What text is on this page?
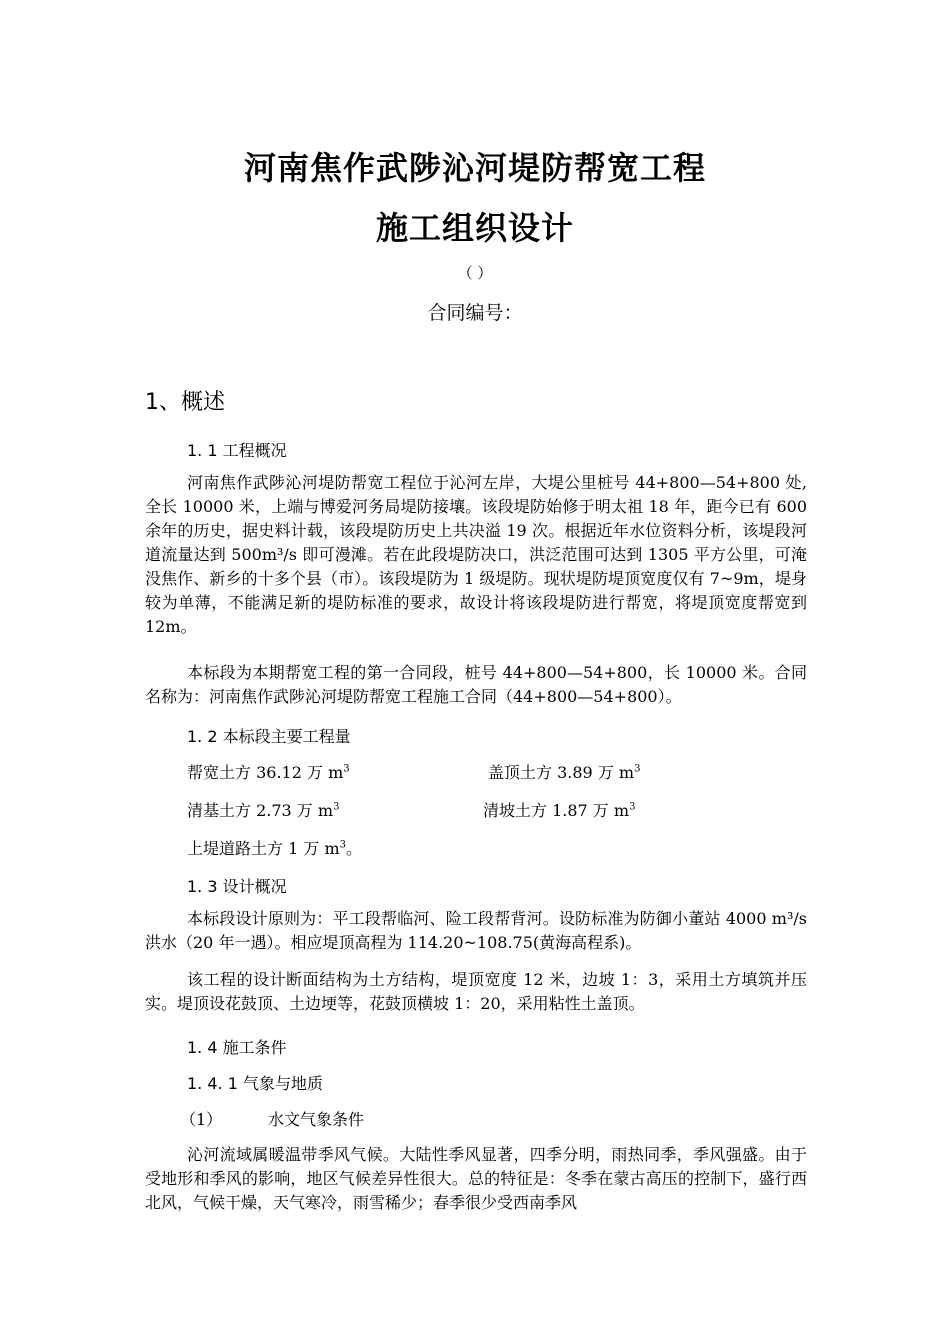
河南焦作武陟沁河堤防帮宽工程
施工组织设计
（ ）
合同编号：
1、概述
1. 1 工程概况

河南焦作武陟沁河堤防帮宽工程位于沁河左岸，大堤公里桩号 44+800—54+800 处,全长 10000 米，上端与博爱河务局堤防接壤。该段堤防始修于明太祖 18 年，距今已有 600 余年的历史，据史料计载，该段堤防历史上共决溢 19 次。根据近年水位资料分析，该堤段河道流量达到 500m³/s 即可漫滩。若在此段堤防决口，洪泛范围可达到 1305 平方公里，可淹没焦作、新乡的十多个县（市）。该段堤防为 1 级堤防。现状堤防堤顶宽度仅有 7~9m，堤身较为单薄，不能满足新的堤防标准的要求，故设计将该段堤防进行帮宽，将堤顶宽度帮宽到 12m。

本标段为本期帮宽工程的第一合同段，桩号 44+800—54+800，长 10000 米。合同名称为：河南焦作武陟沁河堤防帮宽工程施工合同（44+800—54+800）。

1. 2 本标段主要工程量
帮宽土方 36.12 万 $m^3$	盖顶土方 3.89 万 $m^3$
清基土方 2.73 万 $m^3$	清坡土方 1.87 万 $m^3$
上堤道路土方 1 万 $m^3$。
1. 3 设计概况

本标段设计原则为：平工段帮临河、险工段帮背河。设防标准为防御小董站 4000 m³/s 洪水（20 年一遇）。相应堤顶高程为 114.20~108.75(黄海高程系)。

该工程的设计断面结构为土方结构，堤顶宽度 12 米，边坡 1：3，采用土方填筑并压实。堤顶设花鼓顶、土边埂等，花鼓顶横坡 1：20，采用粘性土盖顶。

1. 4 施工条件
1. 4. 1 气象与地质
（1）	水文气象条件

沁河流域属暖温带季风气候。大陆性季风显著，四季分明，雨热同季，季风强盛。由于受地形和季风的影响，地区气候差异性很大。总的特征是：冬季在蒙古高压的控制下，盛行西北风，气候干燥，天气寒冷，雨雪稀少；春季很少受西南季风
